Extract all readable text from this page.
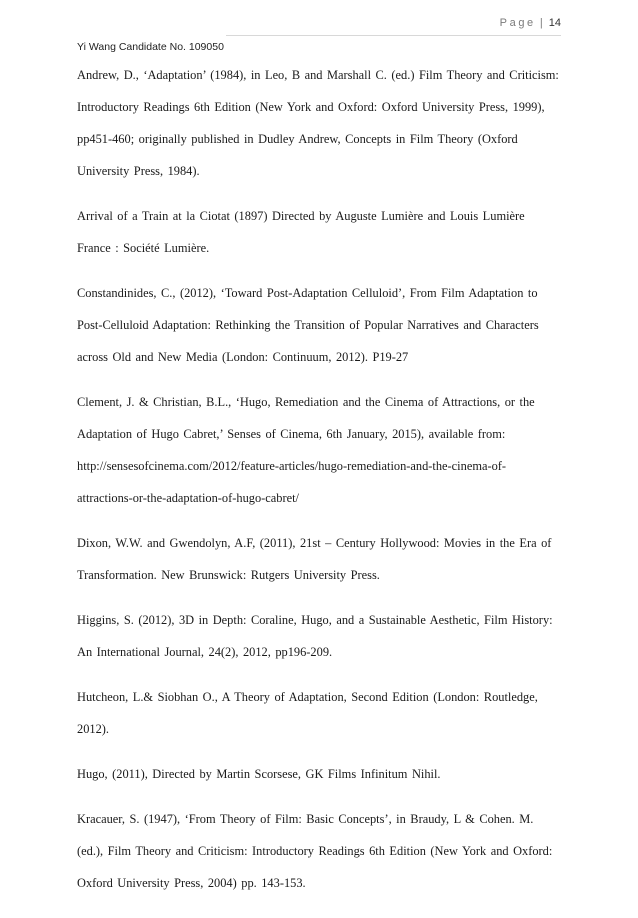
Page | 14
Yi Wang Candidate No. 109050
Andrew, D., ‘Adaptation’ (1984), in Leo, B and Marshall C. (ed.) Film Theory and Criticism:
Introductory Readings 6th Edition (New York and Oxford: Oxford University Press, 1999),
pp451-460; originally published in Dudley Andrew, Concepts in Film Theory (Oxford
University Press, 1984).
Arrival of a Train at la Ciotat (1897) Directed by Auguste Lumière and Louis Lumière
France : Société Lumière.
Constandinides, C., (2012), ‘Toward Post-Adaptation Celluloid’, From Film Adaptation to
Post-Celluloid Adaptation: Rethinking the Transition of Popular Narratives and Characters
across Old and New Media (London: Continuum, 2012). P19-27
Clement, J. & Christian, B.L., ‘Hugo, Remediation and the Cinema of Attractions, or the
Adaptation of Hugo Cabret,’ Senses of Cinema, 6th January, 2015), available from:
http://sensesofcinema.com/2012/feature-articles/hugo-remediation-and-the-cinema-of-
attractions-or-the-adaptation-of-hugo-cabret/
Dixon, W.W. and Gwendolyn, A.F, (2011), 21st – Century Hollywood: Movies in the Era of
Transformation. New Brunswick: Rutgers University Press.
Higgins, S. (2012), 3D in Depth: Coraline, Hugo, and a Sustainable Aesthetic, Film History:
An International Journal, 24(2), 2012, pp196-209.
Hutcheon, L.& Siobhan O., A Theory of Adaptation, Second Edition (London: Routledge,
2012).
Hugo, (2011), Directed by Martin Scorsese, GK Films Infinitum Nihil.
Kracauer, S. (1947), ‘From Theory of Film: Basic Concepts’, in Braudy, L & Cohen. M.
(ed.), Film Theory and Criticism: Introductory Readings 6th Edition (New York and Oxford:
Oxford University Press, 2004) pp. 143-153.
